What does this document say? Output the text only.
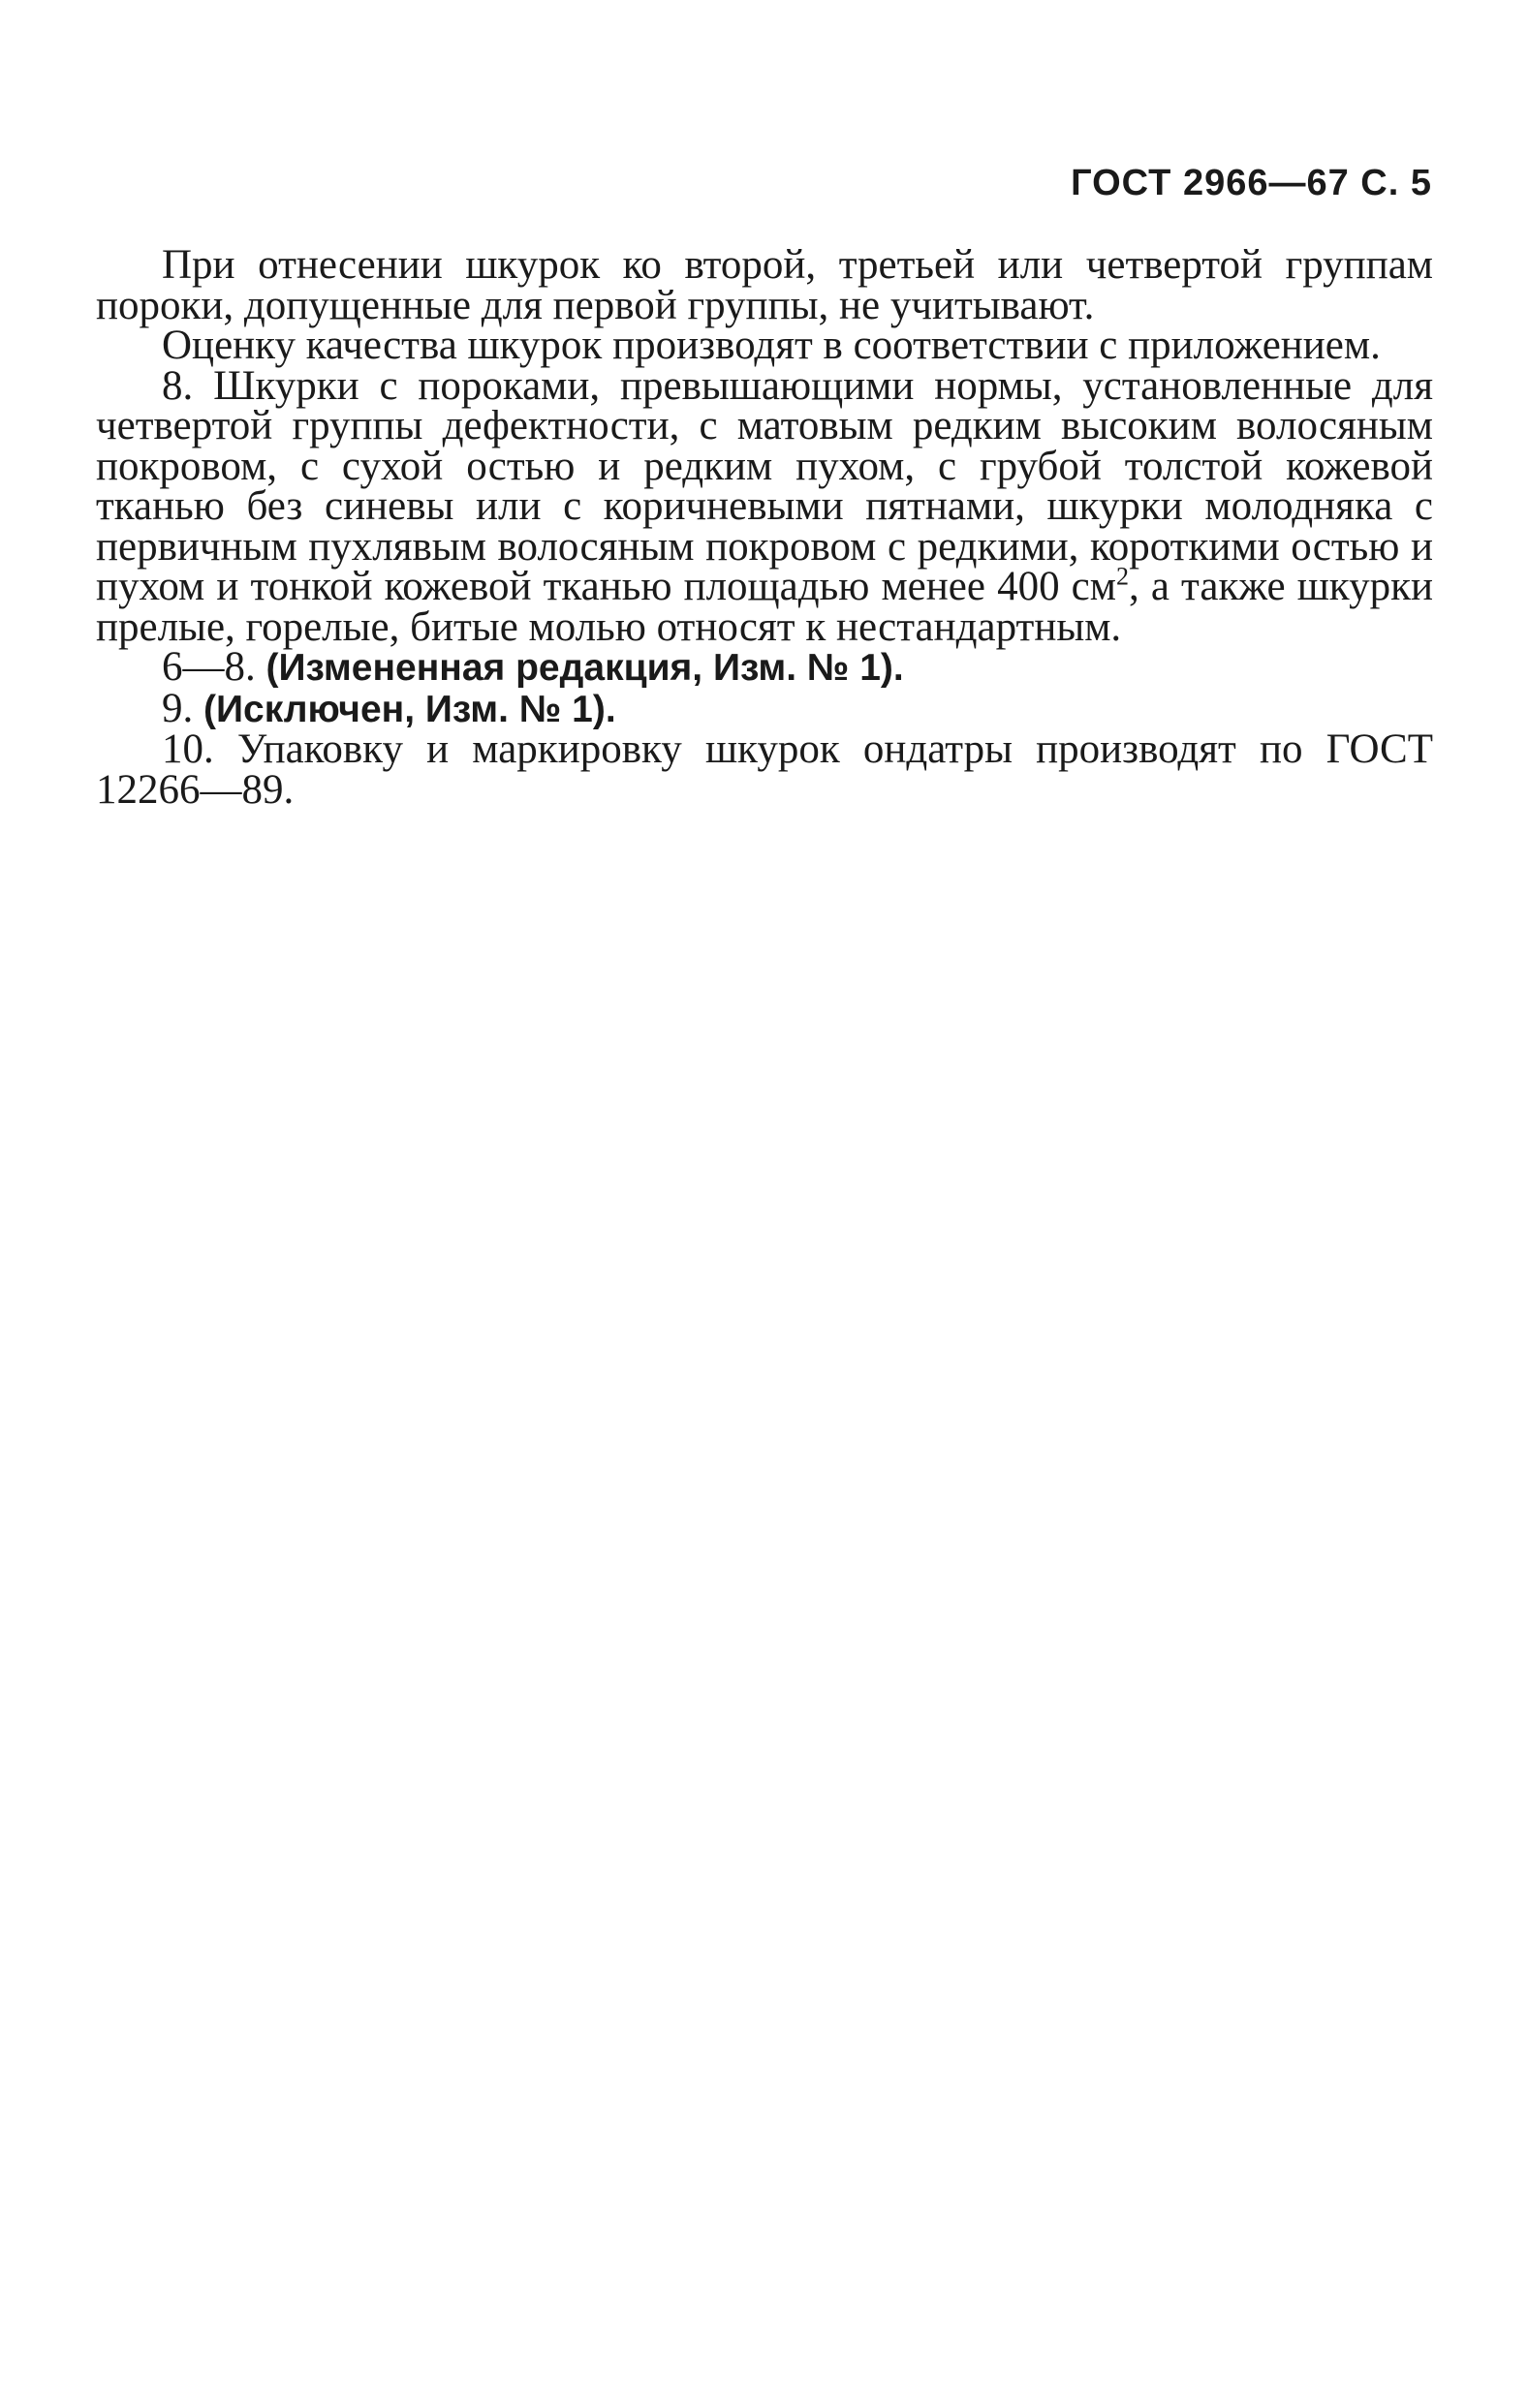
ГОСТ 2966—67 С. 5

При отнесении шкурок ко второй, третьей или четвертой группам пороки, допущенные для первой группы, не учитывают.

Оценку качества шкурок производят в соответствии с приложением.

8. Шкурки с пороками, превышающими нормы, установленные для четвертой группы дефектности, с матовым редким высоким волосяным покровом, с сухой остью и редким пухом, с грубой толстой кожевой тканью без синевы или с коричневыми пятнами, шкурки молодняка с первичным пухлявым волосяным покровом с редкими, короткими остью и пухом и тонкой кожевой тканью площадью менее 400 $см^2$, а также шкурки прелые, горелые, битые молью относят к нестандартным.

6—8. (Измененная редакция, Изм. № 1).

9. (Исключен, Изм. № 1).

10. Упаковку и маркировку шкурок ондатры производят по ГОСТ 12266—89.
